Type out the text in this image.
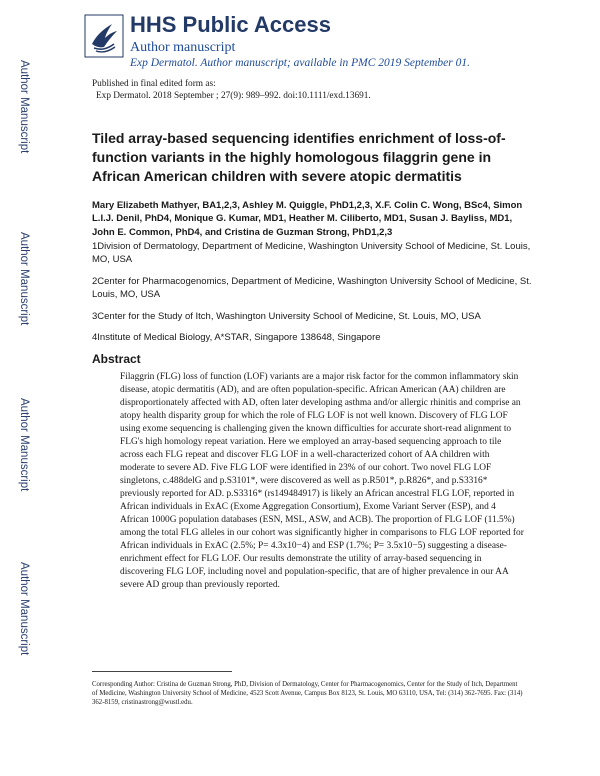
Author Manuscript
Author Manuscript
Author Manuscript
Author Manuscript
HHS Public Access
Author manuscript
Exp Dermatol. Author manuscript; available in PMC 2019 September 01.
Published in final edited form as:
Exp Dermatol. 2018 September ; 27(9): 989–992. doi:10.1111/exd.13691.
Tiled array-based sequencing identifies enrichment of loss-of-function variants in the highly homologous filaggrin gene in African American children with severe atopic dermatitis
Mary Elizabeth Mathyer, BA1,2,3, Ashley M. Quiggle, PhD1,2,3, X.F. Colin C. Wong, BSc4, Simon L.I.J. Denil, PhD4, Monique G. Kumar, MD1, Heather M. Ciliberto, MD1, Susan J. Bayliss, MD1, John E. Common, PhD4, and Cristina de Guzman Strong, PhD1,2,3
1Division of Dermatology, Department of Medicine, Washington University School of Medicine, St. Louis, MO, USA
2Center for Pharmacogenomics, Department of Medicine, Washington University School of Medicine, St. Louis, MO, USA
3Center for the Study of Itch, Washington University School of Medicine, St. Louis, MO, USA
4Institute of Medical Biology, A*STAR, Singapore 138648, Singapore
Abstract
Filaggrin (FLG) loss of function (LOF) variants are a major risk factor for the common inflammatory skin disease, atopic dermatitis (AD), and are often population-specific. African American (AA) children are disproportionately affected with AD, often later developing asthma and/or allergic rhinitis and comprise an atopy health disparity group for which the role of FLG LOF is not well known. Discovery of FLG LOF using exome sequencing is challenging given the known difficulties for accurate short-read alignment to FLG's high homology repeat variation. Here we employed an array-based sequencing approach to tile across each FLG repeat and discover FLG LOF in a well-characterized cohort of AA children with moderate to severe AD. Five FLG LOF were identified in 23% of our cohort. Two novel FLG LOF singletons, c.488delG and p.S3101*, were discovered as well as p.R501*, p.R826*, and p.S3316* previously reported for AD. p.S3316* (rs149484917) is likely an African ancestral FLG LOF, reported in African individuals in ExAC (Exome Aggregation Consortium), Exome Variant Server (ESP), and 4 African 1000G population databases (ESN, MSL, ASW, and ACB). The proportion of FLG LOF (11.5%) among the total FLG alleles in our cohort was significantly higher in comparisons to FLG LOF reported for African individuals in ExAC (2.5%; P= 4.3x10−4) and ESP (1.7%; P= 3.5x10−5) suggesting a disease-enrichment effect for FLG LOF. Our results demonstrate the utility of array-based sequencing in discovering FLG LOF, including novel and population-specific, that are of higher prevalence in our AA severe AD group than previously reported.
Corresponding Author: Cristina de Guzman Strong, PhD, Division of Dermatology, Center for Pharmacogenomics, Center for the Study of Itch, Department of Medicine, Washington University School of Medicine, 4523 Scott Avenue, Campus Box 8123, St. Louis, MO 63110, USA, Tel: (314) 362-7695. Fax: (314) 362-8159, cristinastrong@wustl.edu.
